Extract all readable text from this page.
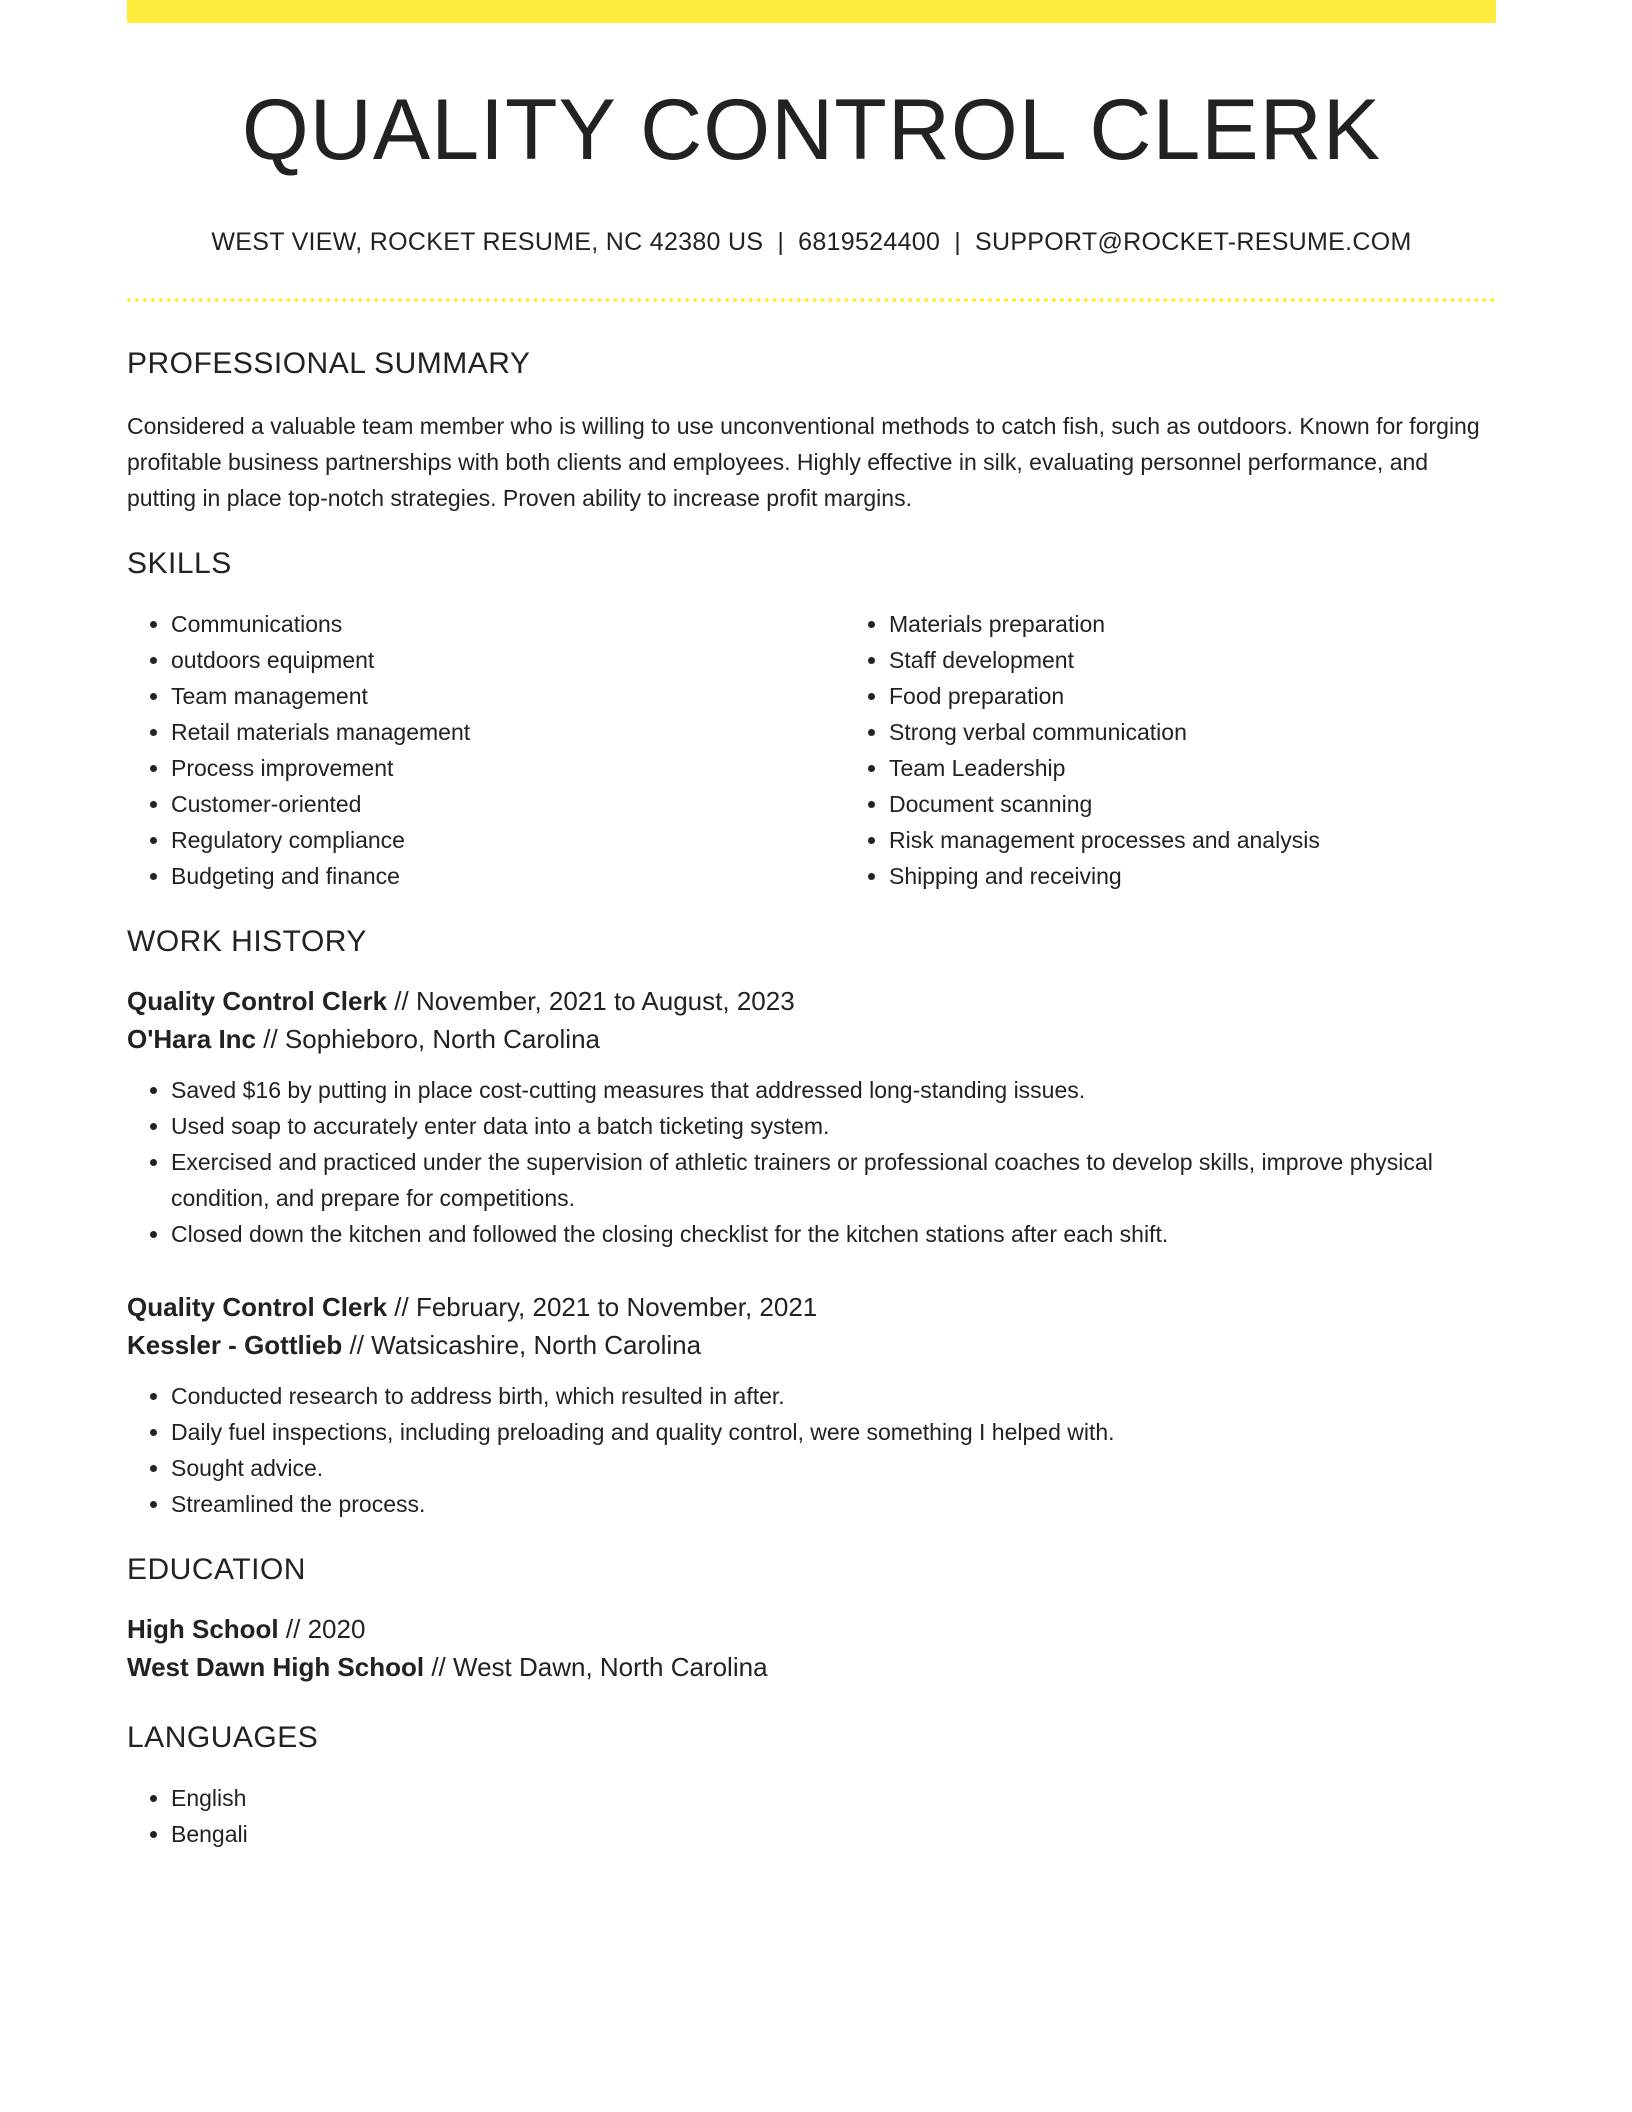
QUALITY CONTROL CLERK
WEST VIEW, ROCKET RESUME, NC 42380 US | 6819524400 | SUPPORT@ROCKET-RESUME.COM
PROFESSIONAL SUMMARY

Considered a valuable team member who is willing to use unconventional methods to catch fish, such as outdoors. Known for forging profitable business partnerships with both clients and employees. Highly effective in silk, evaluating personnel performance, and putting in place top-notch strategies. Proven ability to increase profit margins.

SKILLS
• Communications
• outdoors equipment
• Team management
• Retail materials management
• Process improvement
• Customer-oriented
• Regulatory compliance
• Budgeting and finance
• Materials preparation
• Staff development
• Food preparation
• Strong verbal communication
• Team Leadership
• Document scanning
• Risk management processes and analysis
• Shipping and receiving
WORK HISTORY
Quality Control Clerk // November, 2021 to August, 2023
O'Hara Inc // Sophieboro, North Carolina
• Saved $16 by putting in place cost-cutting measures that addressed long-standing issues.
• Used soap to accurately enter data into a batch ticketing system.
• Exercised and practiced under the supervision of athletic trainers or professional coaches to develop skills, improve physical condition, and prepare for competitions.
• Closed down the kitchen and followed the closing checklist for the kitchen stations after each shift.
Quality Control Clerk // February, 2021 to November, 2021
Kessler - Gottlieb // Watsicashire, North Carolina
• Conducted research to address birth, which resulted in after.
• Daily fuel inspections, including preloading and quality control, were something I helped with.
• Sought advice.
• Streamlined the process.
EDUCATION
High School // 2020
West Dawn High School // West Dawn, North Carolina
LANGUAGES
• English
• Bengali
